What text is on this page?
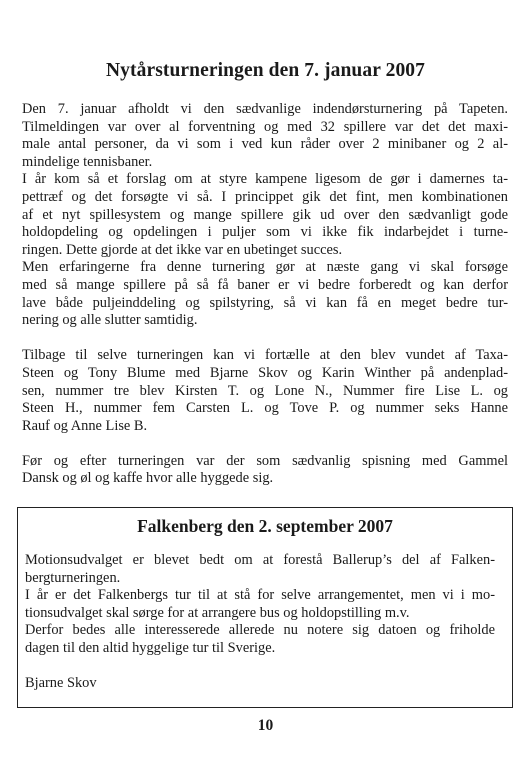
Nytårsturneringen den 7. januar 2007

Den 7. januar afholdt vi den sædvanlige indendørsturnering på Tapeten.
Tilmeldingen var over al forventning og med 32 spillere var det det maxi-
male antal personer, da vi som i ved kun råder over 2 minibaner og 2 al-
mindelige tennisbaner.
I år kom så et forslag om at styre kampene ligesom de gør i damernes ta-
pettræf og det forsøgte vi så. I princippet gik det fint, men kombinationen
af et nyt spillesystem og mange spillere gik ud over den sædvanligt gode
holdopdeling og opdelingen i puljer som vi ikke fik indarbejdet i turne-
ringen. Dette gjorde at det ikke var en ubetinget succes.
Men erfaringerne fra denne turnering gør at næste gang vi skal forsøge
med så mange spillere på så få baner er vi bedre forberedt og kan derfor
lave både puljeinddeling og spilstyring, så vi kan få en meget bedre tur-
nering og alle slutter samtidig.

Tilbage til selve turneringen kan vi fortælle at den blev vundet af Taxa-
Steen og Tony Blume med Bjarne Skov og Karin Winther på andenplad-
sen, nummer tre blev Kirsten T. og Lone N., Nummer fire Lise L. og
Steen H., nummer fem Carsten L. og Tove P. og nummer seks Hanne
Rauf og Anne Lise B.

Før og efter turneringen var der som sædvanlig spisning med Gammel
Dansk og øl og kaffe hvor alle hyggede sig.

Falkenberg den 2. september 2007

Motionsudvalget er blevet bedt om at forestå Ballerup’s del af Falken-
bergturneringen.
I år er det Falkenbergs tur til at stå for selve arrangementet, men vi i mo-
tionsudvalget skal sørge for at arrangere bus og holdopstilling m.v.
Derfor bedes alle interesserede allerede nu notere sig datoen og friholde
dagen til den altid hyggelige tur til Sverige.

Bjarne Skov

10
